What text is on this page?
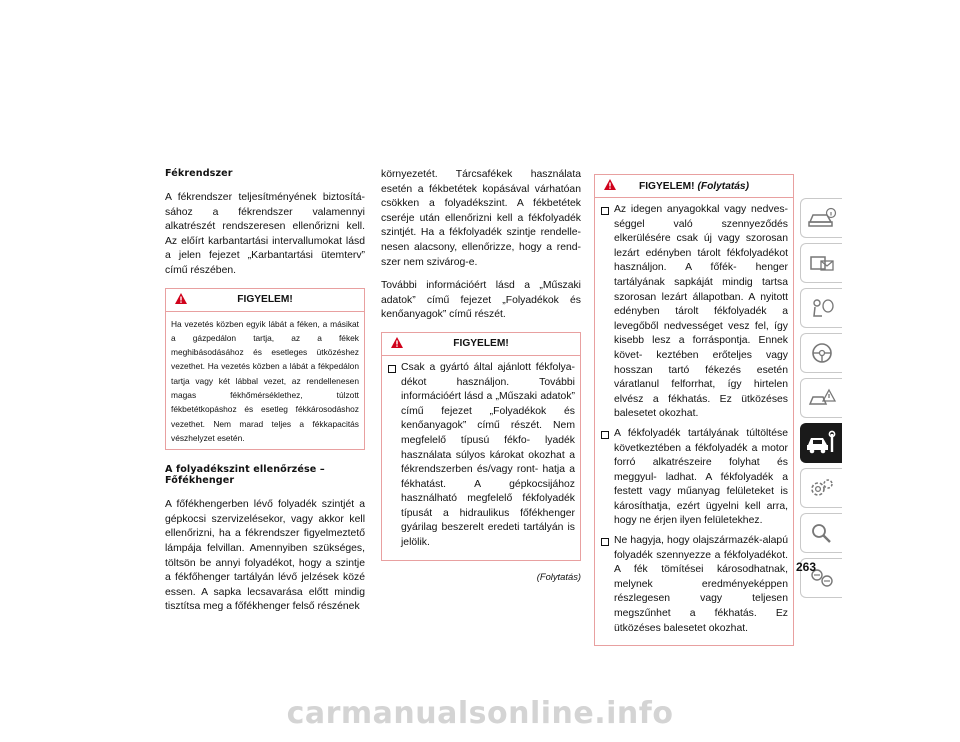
Fékrendszer

A fékrendszer teljesítményének biztosítá- sához a fékrendszer valamennyi alkatrészét rendszeresen ellenőrizni kell. Az előírt karbantartási intervallumokat lásd a jelen fejezet „Karbantartási ütemterv” című részében.

FIGYELEM!

Ha vezetés közben egyik lábát a féken, a másikat a gázpedálon tartja, az a fékek meghibásodásához és esetleges ütközéshez vezethet. Ha vezetés közben a lábát a fékpedálon tartja vagy két lábbal vezet, az rendellenesen magas fékhőmérséklethez, túlzott fékbetétkopáshoz és esetleg fékkárosodáshoz vezethet. Nem marad teljes a fékkapacitás vészhelyzet esetén.

A folyadékszint ellenőrzése – Főfékhenger

A főfékhengerben lévő folyadék szintjét a gépkocsi szervizelésekor, vagy akkor kell ellenőrizni, ha a fékrendszer figyelmeztető lámpája felvillan. Amennyiben szükséges, töltsön be annyi folyadékot, hogy a szintje a fékfőhenger tartályán lévő jelzések közé essen. A sapka lecsavarása előtt mindig tisztítsa meg a főfékhenger felső részének

környezetét. Tárcsafékek használata esetén a fékbetétek kopásával várhatóan csökken a folyadékszint. A fékbetétek cseréje után ellenőrizni kell a fékfolyadék szintjét. Ha a fékfolyadék szintje rendelle- nesen alacsony, ellenőrizze, hogy a rend- szer nem szivárog-e.

További információért lásd a „Műszaki adatok” című fejezet „Folyadékok és kenőanyagok” című részét.

FIGYELEM!

Csak a gyártó által ajánlott fékfolya- dékot használjon. További információért lásd a „Műszaki adatok” című fejezet „Folyadékok és kenőanyagok” című részét. Nem megfelelő típusú fékfo- lyadék használata súlyos károkat okozhat a fékrendszerben és/vagy ront- hatja a fékhatást. A gépkocsijához használható megfelelő fékfolyadék típusát a hidraulikus főfékhenger gyárilag beszerelt eredeti tartályán is jelölik.

(Folytatás)

FIGYELEM! (Folytatás)

Az idegen anyagokkal vagy nedves- séggel való szennyeződés elkerülésére csak új vagy szorosan lezárt edényben tárolt fékfolyadékot használjon. A főfék- henger tartályának sapkáját mindig tartsa szorosan lezárt állapotban. A nyitott edényben tárolt fékfolyadék a levegőből nedvességet vesz fel, így kisebb lesz a forráspontja. Ennek követ- keztében erőteljes vagy hosszan tartó fékezés esetén váratlanul felforrhat, így hirtelen elvész a fékhatás. Ez ütközéses balesetet okozhat.

A fékfolyadék tartályának túltöltése következtében a fékfolyadék a motor forró alkatrészeire folyhat és meggyul- ladhat. A fékfolyadék a festett vagy műanyag felületeket is károsíthatja, ezért ügyelni kell arra, hogy ne érjen ilyen felületekhez.

Ne hagyja, hogy olajszármazék-alapú folyadék szennyezze a fékfolyadékot. A fék tömítései károsodhatnak, melynek eredményeképpen részlegesen vagy teljesen megszűnhet a fékhatás. Ez ütközéses balesetet okozhat.

263
carmanualsonline.info
